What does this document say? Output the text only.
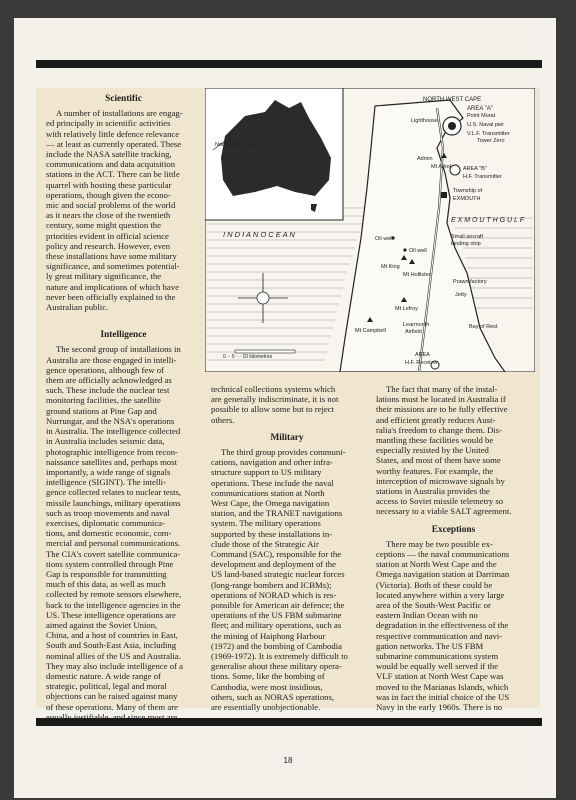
North West Cape
I N D I A N O C E A N
E X M O U T H G U L F
0 ·· 5 ··· 10 kilometres
NORTH WEST CAPE
AREA "A"
Point Murat
U.S. Naval pier
V.L.F. Transmitter
Tower Zero
Lighthouse
Admin
Mt Athol AREA "B"
H.F. Transmitter
Township of
EXMOUTH
Oil well
Oil well
Small aircraft
landing strip
Mt King
Mt Hollister
Prawn factory
Jetty
Mt Lefroy
Mt Campbell
Learmonth
Airfield
Bay of Rest
AREA
H.F. Receiver
Scientific
A number of installations are engag-
ed principally in scientific activities
with relatively little defence relevance
— at least as currently operated. These
include the NASA satellite tracking,
communications and data acquisition
stations in the ACT. There can be little
quarrel with hosting these particular
operations, though given the econo-
mic and social problems of the world
as it nears the close of the twentieth
century, some might question the
priorities evident in official science
policy and research. However, even
these installations have some military
significance, and sometimes potential-
ly great military significance, the
nature and implications of which have
never been officially explained to the
Australian public.
Intelligence
The second group of installations in
Australia are those engaged in intelli-
gence operations, although few of
them are officially acknowledged as
such. These include the nuclear test
monitoring facilities, the satellite
ground stations at Pine Gap and
Nurrungar, and the NSA's operations
in Australia. The intelligence collected
in Australia includes seismic data,
photographic intelligence from recon-
naissance satellites and, perhaps most
importantly, a wide range of signals
intelligence (SIGINT). The intelli-
gence collected relates to nuclear tests,
missile launchings, military operations
such as troop movements and naval
exercises, diplomatic communica-
tions, and domestic economic, com-
mercial and personal communications.
The CIA's covert satellite communica-
tions system controlled through Pine
Gap is responsible for transmitting
much of this data, as well as much
collected by remote sensors elsewhere,
back to the intelligence agencies in the
US. These intelligence operations are
aimed against the Soviet Union,
China, and a host of countries in East,
South and South-East Asia, including
nominal allies of the US and Australia.
They may also include intelligence of a
domestic nature. A wide range of
strategic, political, legal and moral
objections can be raised against many
of these operations. Many of them are
equally justifiable, and since most are
technical collections systems which
are generally indiscriminate, it is not
possible to allow some but to reject
others.
Military
The third group provides communi-
cations, navigation and other infra-
structure support to US military
operations. These include the naval
communications station at North
West Cape, the Omega navigation
station, and the TRANET navigations
system. The military operations
supported by these installations in-
clude those of the Strategic Air
Command (SAC), responsible for the
development and deployment of the
US land-based strategic nuclear forces
(long-range bombers and ICBMs);
operations of NORAD which is res-
ponsible for American air defence; the
operations of the US FBM submarine
fleet; and military operations, such as
the mining of Haiphong Harbour
(1972) and the bombing of Cambodia
(1969-1972). It is extremely difficult to
generalise about these military opera-
tions. Some, like the bombing of
Cambodia, were most insidious,
others, such as NORAS operations,
are essentially unobjectionable.
The fact that many of the instal-
lations must be located in Australia if
their missions are to be fully effective
and efficient greatly reduces Aust-
ralia's freedom to change them. Dis-
mantling these facilities would be
especially resisted by the United
States, and most of them have some
worthy features. For example, the
interception of microwave signals by
stations in Australia provides the
access to Soviet missile telemetry so
necessary to a viable SALT agreement.
Exceptions
There may be two possible ex-
ceptions — the naval communications
station at North West Cape and the
Omega navigation station at Darriman
(Victoria). Both of these could be
located anywhere within a very large
area of the South-West Pacific or
eastern Indian Ocean with no
degradation in the effectiveness of the
respective communication and navi-
gation networks. The US FBM
submarine communications system
would be equally well served if the
VLF station at North West Cape was
moved to the Marianas Islands, which
was in fact the initial choice of the US
Navy in the early 1960s. There is no
18
